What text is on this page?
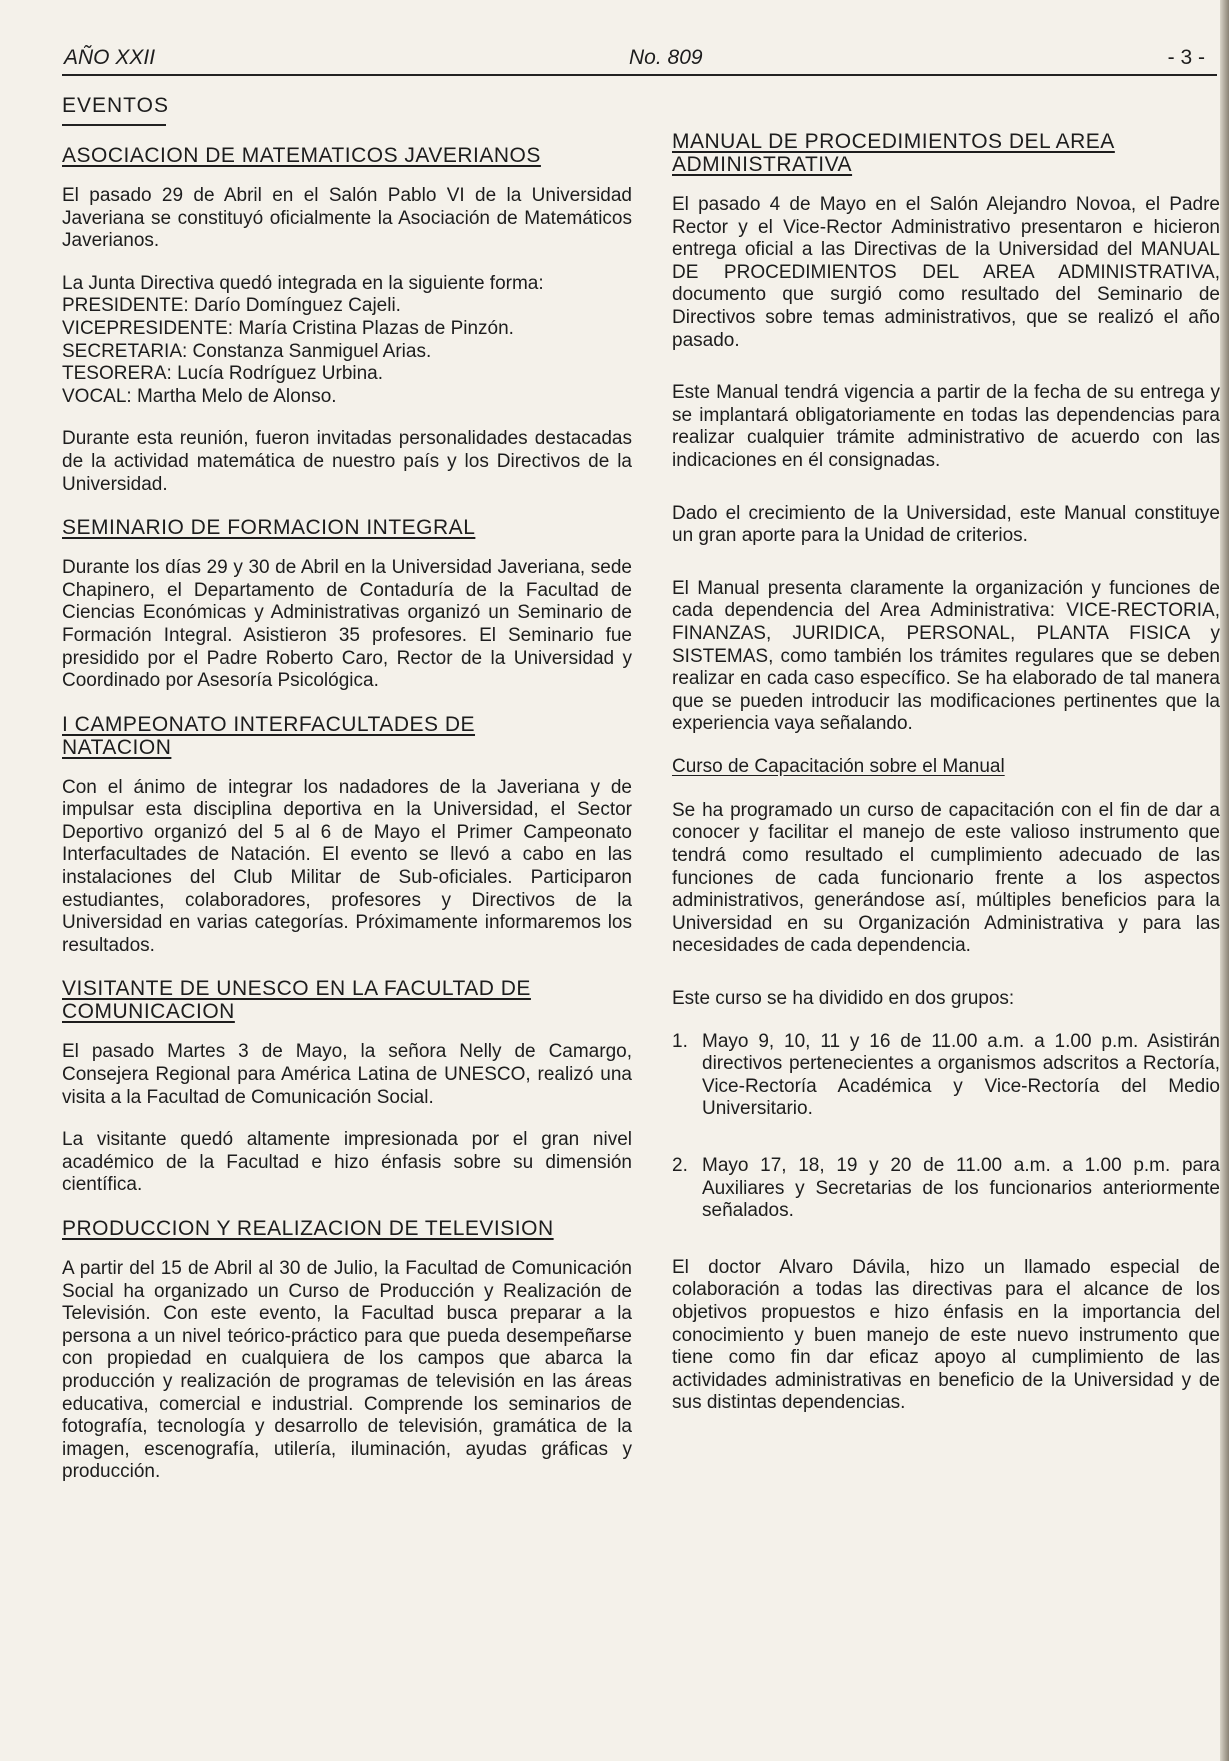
AÑO XXII	No. 809	- 3 -
EVENTOS
ASOCIACION DE MATEMATICOS JAVERIANOS

El pasado 29 de Abril en el Salón Pablo VI de la Universidad Javeriana se constituyó oficialmente la Asociación de Matemáticos Javerianos.

La Junta Directiva quedó integrada en la siguiente forma:

PRESIDENTE: Darío Domínguez Cajeli.

VICEPRESIDENTE: María Cristina Plazas de Pinzón.

SECRETARIA: Constanza Sanmiguel Arias.

TESORERA: Lucía Rodríguez Urbina.

VOCAL: Martha Melo de Alonso.

Durante esta reunión, fueron invitadas personalidades destacadas de la actividad matemática de nuestro país y los Directivos de la Universidad.

SEMINARIO DE FORMACION INTEGRAL

Durante los días 29 y 30 de Abril en la Universidad Javeriana, sede Chapinero, el Departamento de Contaduría de la Facultad de Ciencias Económicas y Administrativas organizó un Seminario de Formación Integral. Asistieron 35 profesores. El Seminario fue presidido por el Padre Roberto Caro, Rector de la Universidad y Coordinado por Asesoría Psicológica.

I CAMPEONATO INTERFACULTADES DE NATACION

Con el ánimo de integrar los nadadores de la Javeriana y de impulsar esta disciplina deportiva en la Universidad, el Sector Deportivo organizó del 5 al 6 de Mayo el Primer Campeonato Interfacultades de Natación. El evento se llevó a cabo en las instalaciones del Club Militar de Sub-oficiales. Participaron estudiantes, colaboradores, profesores y Directivos de la Universidad en varias categorías. Próximamente informaremos los resultados.

VISITANTE DE UNESCO EN LA FACULTAD DE COMUNICACION

El pasado Martes 3 de Mayo, la señora Nelly de Camargo, Consejera Regional para América Latina de UNESCO, realizó una visita a la Facultad de Comunicación Social.

La visitante quedó altamente impresionada por el gran nivel académico de la Facultad e hizo énfasis sobre su dimensión científica.

PRODUCCION Y REALIZACION DE TELEVISION

A partir del 15 de Abril al 30 de Julio, la Facultad de Comunicación Social ha organizado un Curso de Producción y Realización de Televisión. Con este evento, la Facultad busca preparar a la persona a un nivel teórico-práctico para que pueda desempeñarse con propiedad en cualquiera de los campos que abarca la producción y realización de programas de televisión en las áreas educativa, comercial e industrial. Comprende los seminarios de fotografía, tecnología y desarrollo de televisión, gramática de la imagen, escenografía, utilería, iluminación, ayudas gráficas y producción.

MANUAL DE PROCEDIMIENTOS DEL AREA ADMINISTRATIVA

El pasado 4 de Mayo en el Salón Alejandro Novoa, el Padre Rector y el Vice-Rector Administrativo presentaron e hicieron entrega oficial a las Directivas de la Universidad del MANUAL DE PROCEDIMIENTOS DEL AREA ADMINISTRATIVA, documento que surgió como resultado del Seminario de Directivos sobre temas administrativos, que se realizó el año pasado.

Este Manual tendrá vigencia a partir de la fecha de su entrega y se implantará obligatoriamente en todas las dependencias para realizar cualquier trámite administrativo de acuerdo con las indicaciones en él consignadas.

Dado el crecimiento de la Universidad, este Manual constituye un gran aporte para la Unidad de criterios.

El Manual presenta claramente la organización y funciones de cada dependencia del Area Administrativa: VICE-RECTORIA, FINANZAS, JURIDICA, PERSONAL, PLANTA FISICA y SISTEMAS, como también los trámites regulares que se deben realizar en cada caso específico. Se ha elaborado de tal manera que se pueden introducir las modificaciones pertinentes que la experiencia vaya señalando.

Curso de Capacitación sobre el Manual

Se ha programado un curso de capacitación con el fin de dar a conocer y facilitar el manejo de este valioso instrumento que tendrá como resultado el cumplimiento adecuado de las funciones de cada funcionario frente a los aspectos administrativos, generándose así, múltiples beneficios para la Universidad en su Organización Administrativa y para las necesidades de cada dependencia.

Este curso se ha dividido en dos grupos:

1. Mayo 9, 10, 11 y 16 de 11.00 a.m. a 1.00 p.m. Asistirán directivos pertenecientes a organismos adscritos a Rectoría, Vice-Rectoría Académica y Vice-Rectoría del Medio Universitario.
2. Mayo 17, 18, 19 y 20 de 11.00 a.m. a 1.00 p.m. para Auxiliares y Secretarias de los funcionarios anteriormente señalados.

El doctor Alvaro Dávila, hizo un llamado especial de colaboración a todas las directivas para el alcance de los objetivos propuestos e hizo énfasis en la importancia del conocimiento y buen manejo de este nuevo instrumento que tiene como fin dar eficaz apoyo al cumplimiento de las actividades administrativas en beneficio de la Universidad y de sus distintas dependencias.
